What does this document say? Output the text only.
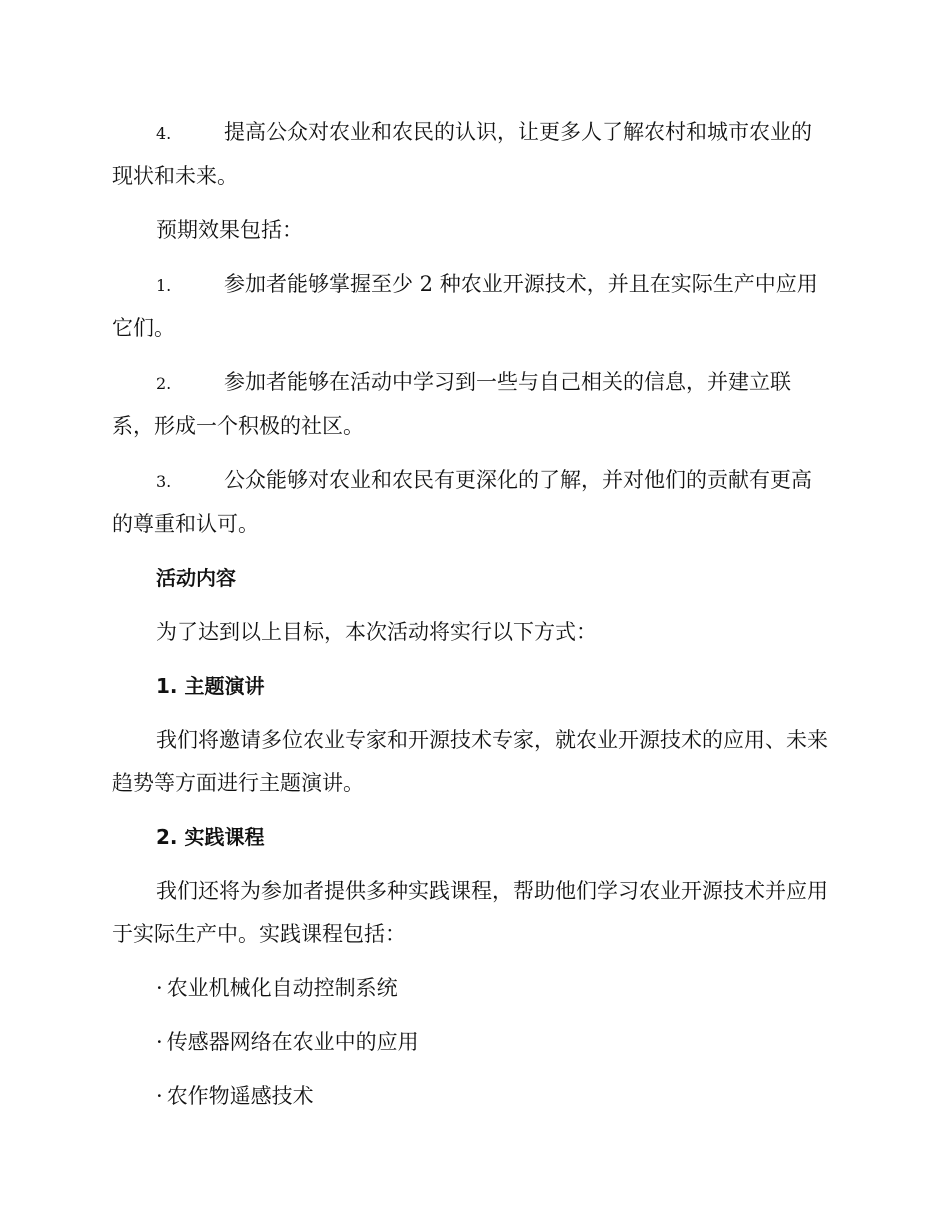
4.	提高公众对农业和农民的认识，让更多人了解农村和城市农业的现状和未来。
预期效果包括：
1.	参加者能够掌握至少 2 种农业开源技术，并且在实际生产中应用它们。
2.	参加者能够在活动中学习到一些与自己相关的信息，并建立联系，形成一个积极的社区。
3.	公众能够对农业和农民有更深化的了解，并对他们的贡献有更高的尊重和认可。
活动内容
为了达到以上目标，本次活动将实行以下方式：
1. 主题演讲
我们将邀请多位农业专家和开源技术专家，就农业开源技术的应用、未来趋势等方面进行主题演讲。
2. 实践课程
我们还将为参加者提供多种实践课程，帮助他们学习农业开源技术并应用于实际生产中。实践课程包括：
· 农业机械化自动控制系统
· 传感器网络在农业中的应用
· 农作物遥感技术
